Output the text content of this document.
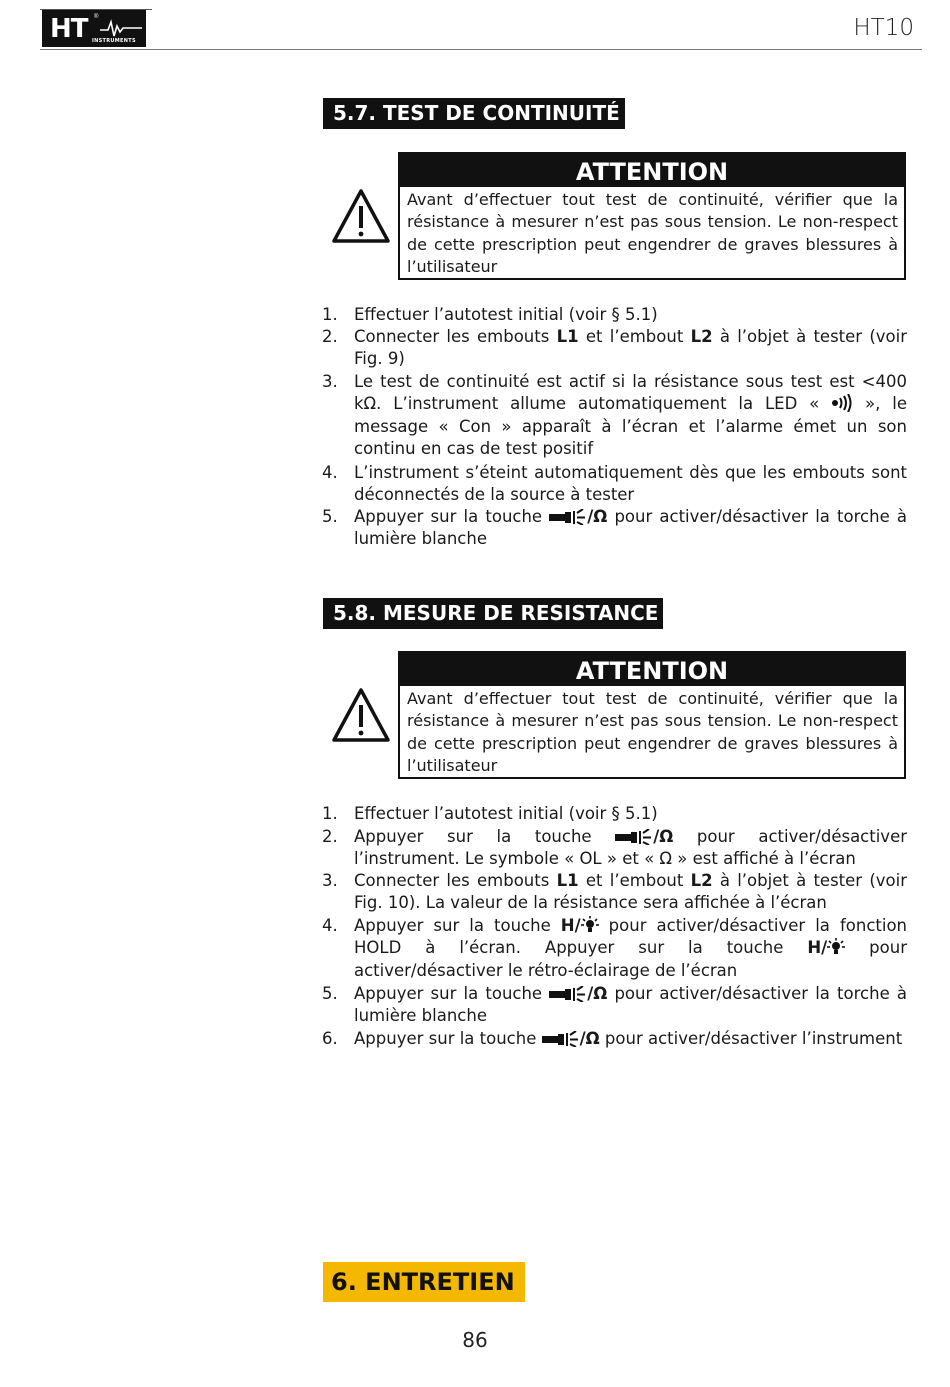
HT ®
INSTRUMENTS	HT10
5.7. TEST DE CONTINUITÉ
ATTENTION
Avant d’effectuer tout test de continuité, vérifier que la résistance à mesurer n’est pas sous tension. Le non-respect de cette prescription peut engendrer de graves blessures à l’utilisateur
1. Effectuer l’autotest initial (voir § 5.1)
2. Connecter les embouts L1 et l’embout L2 à l’objet à tester (voir Fig. 9)
3. Le test de continuité est actif si la résistance sous test est <400 kΩ. L’instrument allume automatiquement la LED «  », le message « Con » apparaît à l’écran et l’alarme émet un son continu en cas de test positif
4. L’instrument s’éteint automatiquement dès que les embouts sont déconnectés de la source à tester
5. Appuyer sur la touche /Ω pour activer/désactiver la torche à lumière blanche
5.8. MESURE DE RESISTANCE
ATTENTION
Avant d’effectuer tout test de continuité, vérifier que la résistance à mesurer n’est pas sous tension. Le non-respect de cette prescription peut engendrer de graves blessures à l’utilisateur
1. Effectuer l’autotest initial (voir § 5.1)
2. Appuyer sur la touche /Ω pour activer/désactiver l’instrument. Le symbole « OL » et « Ω » est affiché à l’écran
3. Connecter les embouts L1 et l’embout L2 à l’objet à tester (voir Fig. 10). La valeur de la résistance sera affichée à l’écran
4. Appuyer sur la touche H/ pour activer/désactiver la fonction HOLD à l’écran. Appuyer sur la touche H/ pour activer/désactiver le rétro-éclairage de l’écran
5. Appuyer sur la touche /Ω pour activer/désactiver la torche à lumière blanche
6. Appuyer sur la touche /Ω pour activer/désactiver l’instrument
6. ENTRETIEN
86
